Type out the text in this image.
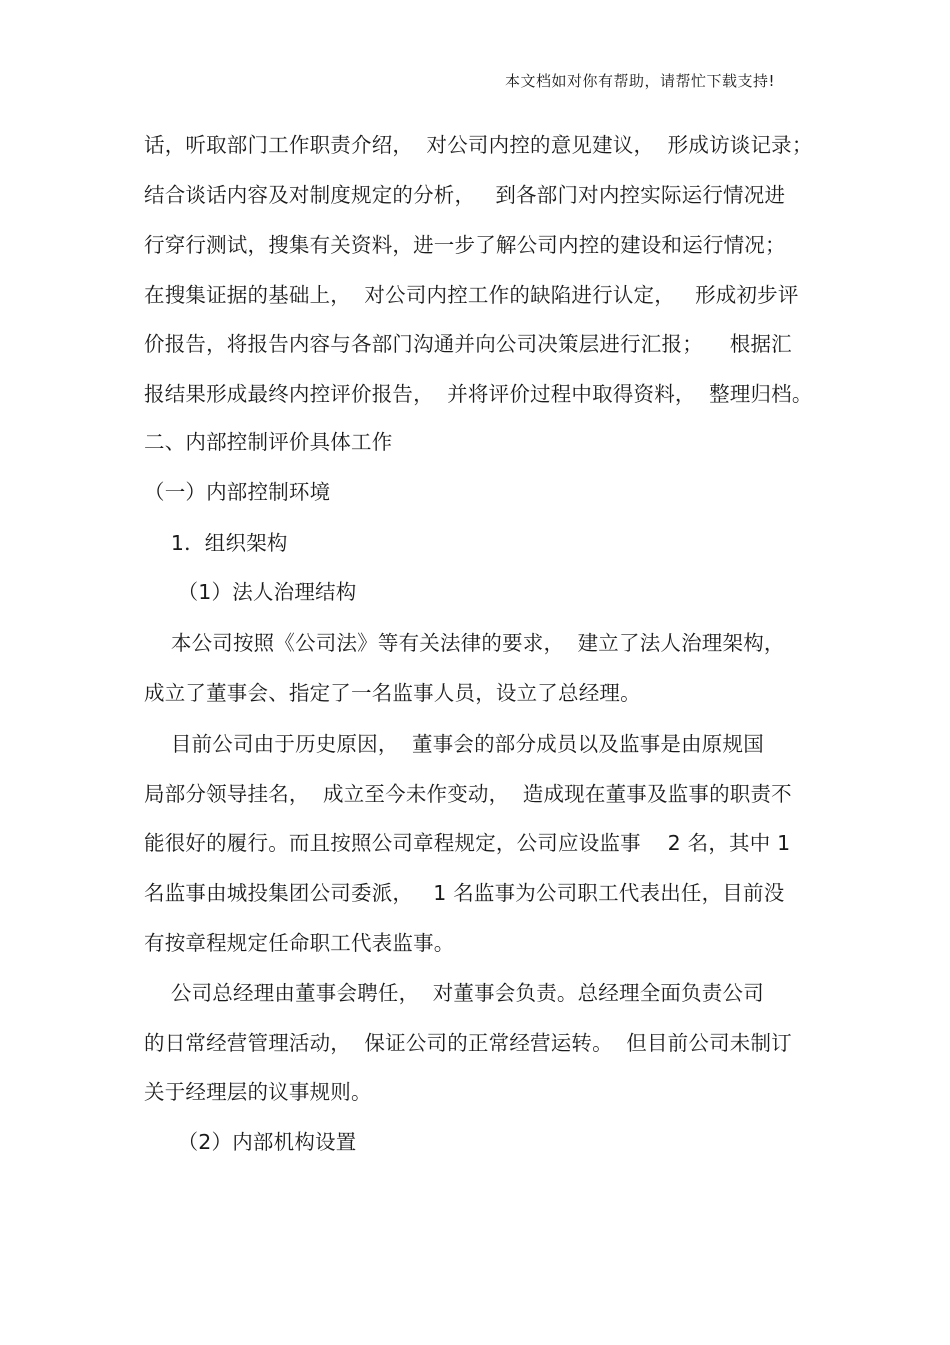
本文档如对你有帮助，请帮忙下载支持!
话，听取部门工作职责介绍，  对公司内控的意见建议，  形成访谈记录；
结合谈话内容及对制度规定的分析，   到各部门对内控实际运行情况进
行穿行测试，搜集有关资料，进一步了解公司内控的建设和运行情况；
在搜集证据的基础上，  对公司内控工作的缺陷进行认定，   形成初步评
价报告，将报告内容与各部门沟通并向公司决策层进行汇报；    根据汇
报结果形成最终内控评价报告，  并将评价过程中取得资料，  整理归档。
二、内部控制评价具体工作
（一）内部控制环境
1．组织架构
（1）法人治理结构
本公司按照《公司法》等有关法律的要求，  建立了法人治理架构，
成立了董事会、指定了一名监事人员，设立了总经理。
目前公司由于历史原因，  董事会的部分成员以及监事是由原规国
局部分领导挂名，  成立至今未作变动，  造成现在董事及监事的职责不
能很好的履行。而且按照公司章程规定，公司应设监事    2 名，其中 1
名监事由城投集团公司委派，   1 名监事为公司职工代表出任，目前没
有按章程规定任命职工代表监事。
公司总经理由董事会聘任，  对董事会负责。总经理全面负责公司
的日常经营管理活动，  保证公司的正常经营运转。  但目前公司未制订
关于经理层的议事规则。
（2）内部机构设置
